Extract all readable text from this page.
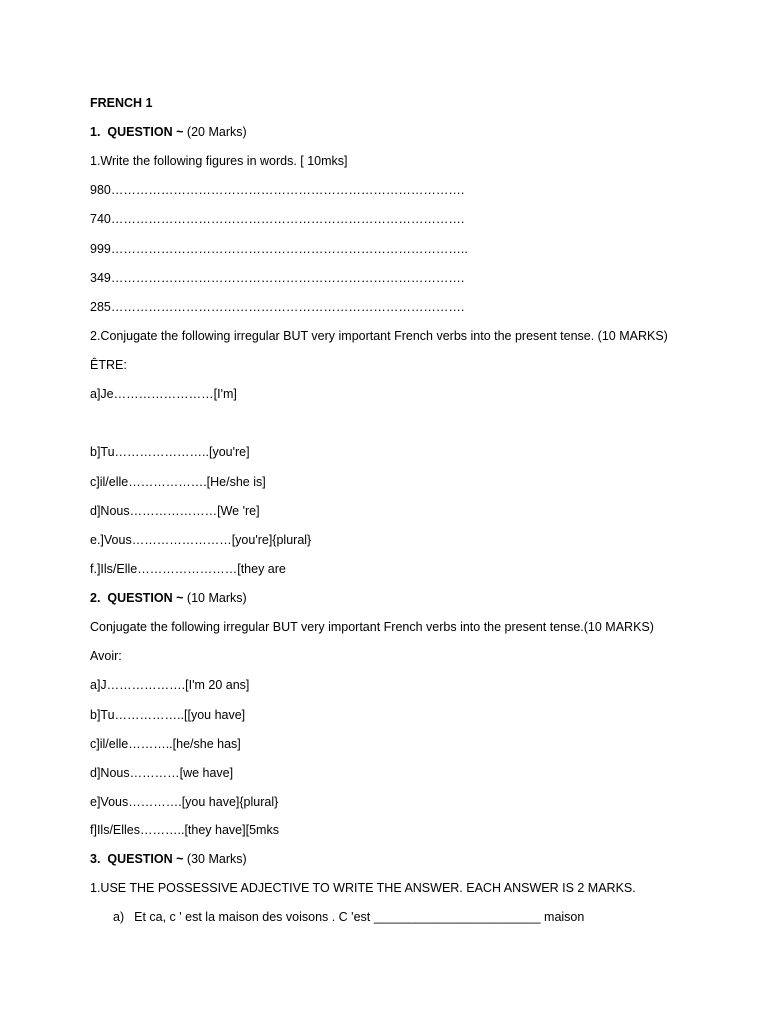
FRENCH 1
1.  QUESTION ~ (20 Marks)
1.Write the following figures in words. [ 10mks]
980………………………………………………………………………….
740………………………………………………………………………….
999…………………………………………………………………………..
349………………………………………………………………………….
285………………………………………………………………………….
2.Conjugate the following irregular BUT very important French verbs into the present tense. (10 MARKS)
ÊTRE:
a]Je……………………[I'm]
b]Tu…………………..[you're]
c]il/elle……………….[He/she is]
d]Nous…………………[We 're]
e.]Vous……………………[you're]{plural}
f.]Ils/Elle……………………[they are
2.  QUESTION ~ (10 Marks)
Conjugate the following irregular BUT very important French verbs into the present tense.(10 MARKS)
Avoir:
a]J……………….[I'm 20 ans]
b]Tu……………..[[you have]
c]il/elle………..[he/she has]
d]Nous…………[we have]
e]Vous………….[you have]{plural}
f]Ils/Elles………..[they have][5mks
3.  QUESTION ~ (30 Marks)
1.USE THE POSSESSIVE ADJECTIVE TO WRITE THE ANSWER. EACH ANSWER IS 2 MARKS.
a) Et ca, c ' est la maison des voisons . C 'est ________________________ maison
